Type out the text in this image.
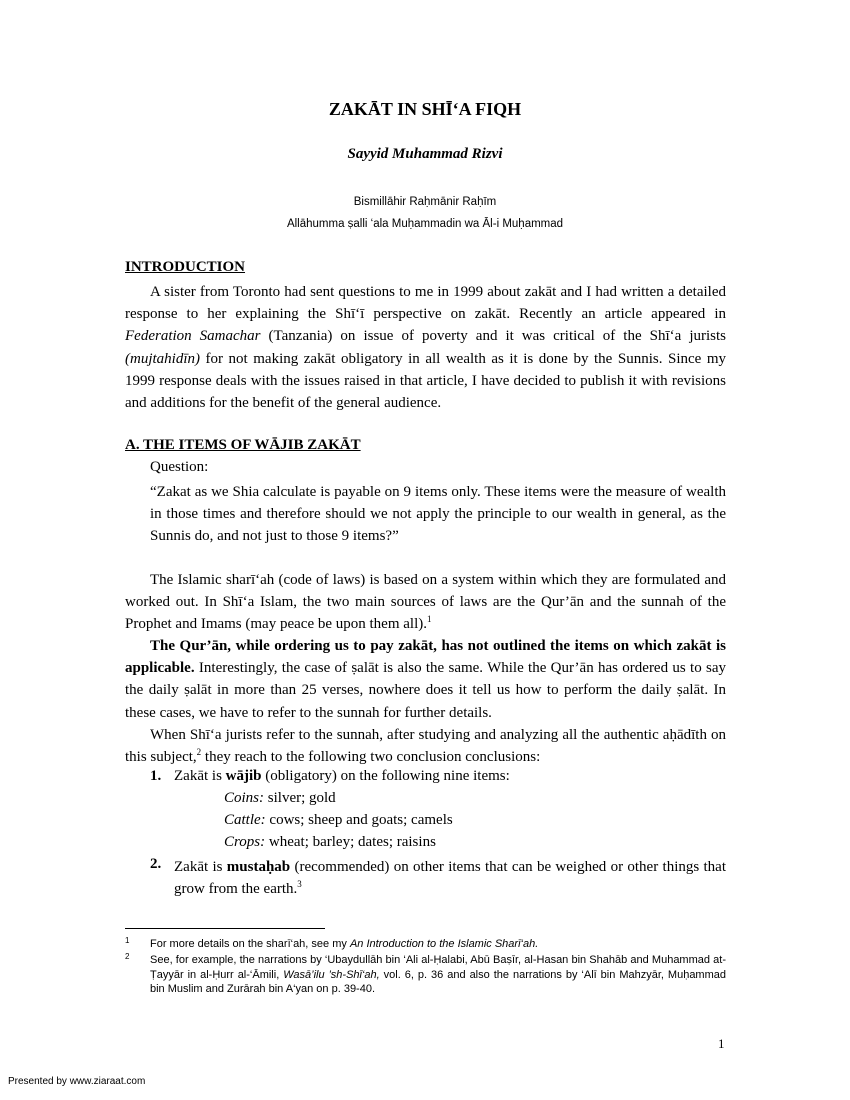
ZAKĀT IN SHĪ‘A FIQH
Sayyid Muhammad Rizvi
Bismillāhir Raḥmānir Raḥīm
Allāhumma ṣalli ‘ala Muḥammadin wa Āl-i Muḥammad
INTRODUCTION

A sister from Toronto had sent questions to me in 1999 about zakāt and I had written a detailed response to her explaining the Shī‘ī perspective on zakāt. Recently an article appeared in Federation Samachar (Tanzania) on issue of poverty and it was critical of the Shī‘a jurists (mujtahidīn) for not making zakāt obligatory in all wealth as it is done by the Sunnis. Since my 1999 response deals with the issues raised in that article, I have decided to publish it with revisions and additions for the benefit of the general audience.

A. THE ITEMS OF WĀJIB ZAKĀT
Question:

“Zakat as we Shia calculate is payable on 9 items only. These items were the measure of wealth in those times and therefore should we not apply the principle to our wealth in general, as the Sunnis do, and not just to those 9 items?”

The Islamic sharī‘ah (code of laws) is based on a system within which they are formulated and worked out. In Shī‘a Islam, the two main sources of laws are the Qur’ān and the sunnah of the Prophet and Imams (may peace be upon them all).$^1$

The Qur’ān, while ordering us to pay zakāt, has not outlined the items on which zakāt is applicable. Interestingly, the case of ṣalāt is also the same. While the Qur’ān has ordered us to say the daily ṣalāt in more than 25 verses, nowhere does it tell us how to perform the daily ṣalāt. In these cases, we have to refer to the sunnah for further details.

When Shī‘a jurists refer to the sunnah, after studying and analyzing all the authentic aḥādīth on this subject,$^2$ they reach to the following two conclusion conclusions:

1. Zakāt is wājib (obligatory) on the following nine items:
Coins: silver; gold
Cattle: cows; sheep and goats; camels
Crops: wheat; barley; dates; raisins
2. Zakāt is mustaḥab (recommended) on other items that can be weighed or other things that grow from the earth.$^3$

1 For more details on the sharī‘ah, see my An Introduction to the Islamic Sharī‘ah.
2 See, for example, the narrations by ‘Ubaydullāh bin ‘Ali al-Ḥalabi, Abū Baṣīr, al-Hasan bin Shahāb and Muhammad at-Ṭayyār in al-Ḥurr al-‘Āmili, Wasā’ilu ’sh-Shī‘ah, vol. 6, p. 36 and also the narrations by ‘Alī bin Mahzyār, Muḥammad bin Muslim and Zurārah bin A‘yan on p. 39-40.
1
Presented by www.ziaraat.com
